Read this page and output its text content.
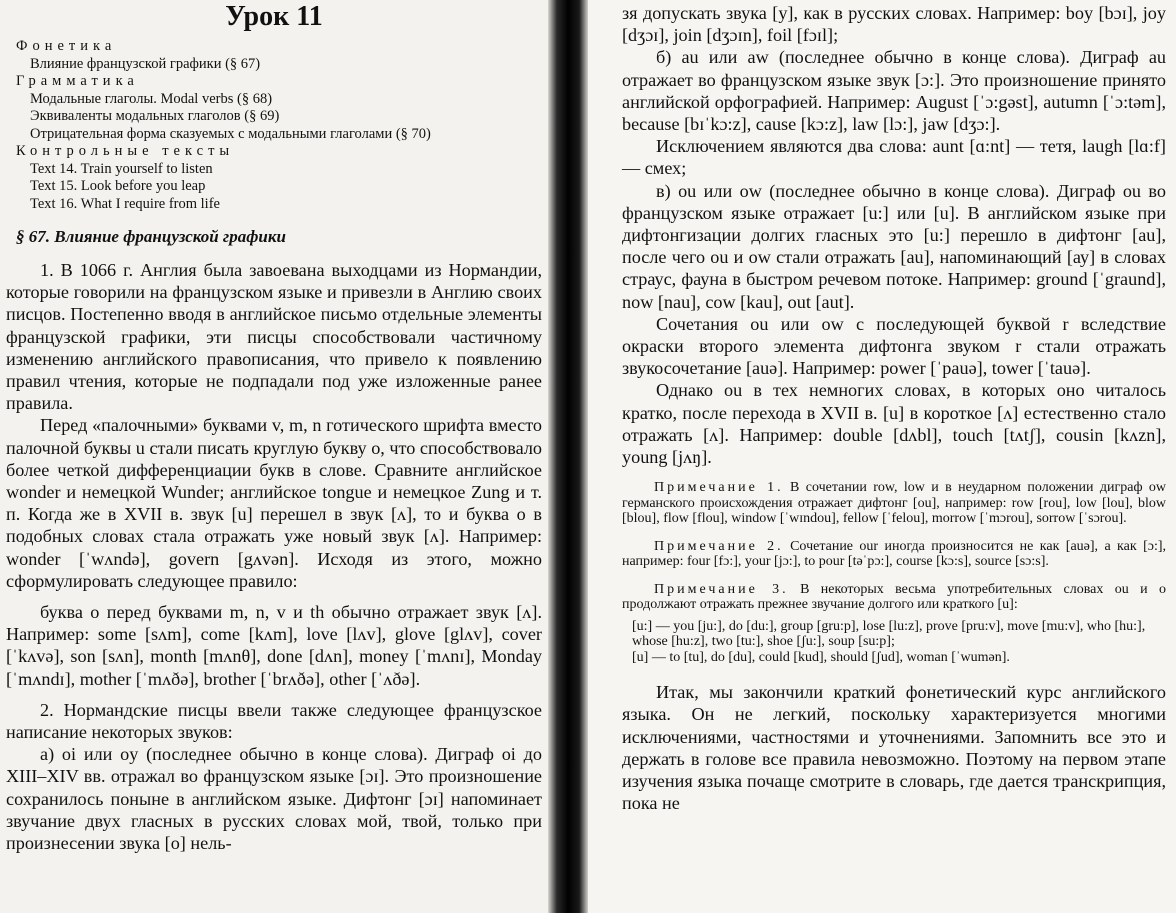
Урок 11
Фонетика
Влияние французской графики (§ 67)
Грамматика
Модальные глаголы. Modal verbs (§ 68)
Эквиваленты модальных глаголов (§ 69)
Отрицательная форма сказуемых с модальными глаголами (§ 70)
Контрольные тексты
Text 14. Train yourself to listen
Text 15. Look before you leap
Text 16. What I require from life
§ 67. Влияние французской графики

1. В 1066 г. Англия была завоевана выходцами из Нормандии, которые говорили на французском языке и привезли в Англию своих писцов. Постепенно вводя в английское письмо отдельные элементы французской графики, эти писцы способствовали частичному изменению английского правописания, что привело к появлению правил чтения, которые не подпадали под уже изложенные ранее правила.

Перед «палочными» буквами v, m, n готического шрифта вместо палочной буквы u стали писать круглую букву o, что способствовало более четкой дифференциации букв в слове. Сравните английское wonder и немецкой Wunder; английское tongue и немецкое Zung и т. п. Когда же в XVII в. звук [u] перешел в звук [ʌ], то и буква o в подобных словах стала отражать уже новый звук [ʌ]. Например: wonder [ˈwʌndə], govern [gʌvən]. Исходя из этого, можно сформулировать следующее правило:

буква o перед буквами m, n, v и th обычно отражает звук [ʌ]. Например: some [sʌm], come [kʌm], love [lʌv], glove [glʌv], cover [ˈkʌvə], son [sʌn], month [mʌnθ], done [dʌn], money [ˈmʌnɪ], Monday [ˈmʌndɪ], mother [ˈmʌðə], brother [ˈbrʌðə], other [ˈʌðə].

2. Нормандские писцы ввели также следующее французское написание некоторых звуков:

а) oi или oy (последнее обычно в конце слова). Диграф oi до XIII–XIV вв. отражал во французском языке [ɔɪ]. Это произношение сохранилось поныне в английском языке. Дифтонг [ɔɪ] напоминает звучание двух гласных в русских словах мой, твой, только при произнесении звука [о] нель-

зя допускать звука [у], как в русских словах. Например: boy [bɔɪ], joy [dʒɔɪ], join [dʒɔɪn], foil [fɔɪl];

б) au или aw (последнее обычно в конце слова). Диграф au отражает во французском языке звук [ɔ:]. Это произношение принято английской орфографией. Например: August [ˈɔ:gəst], autumn [ˈɔ:təm], because [bɪˈkɔ:z], cause [kɔ:z], law [lɔ:], jaw [dʒɔ:].

Исключением являются два слова: aunt [ɑ:nt] — тетя, laugh [lɑ:f] — смех;

в) ou или ow (последнее обычно в конце слова). Диграф ou во французском языке отражает [u:] или [u]. В английском языке при дифтонгизации долгих гласных это [u:] перешло в дифтонг [au], после чего ou и ow стали отражать [au], напоминающий [ау] в словах страус, фауна в быстром речевом потоке. Например: ground [ˈgraund], now [nau], cow [kau], out [aut].

Сочетания ou или ow с последующей буквой r вследствие окраски второго элемента дифтонга звуком r стали отражать звукосочетание [auə]. Например: power [ˈpauə], tower [ˈtauə].

Однако ou в тех немногих словах, в которых оно читалось кратко, после перехода в XVII в. [u] в короткое [ʌ] естественно стало отражать [ʌ]. Например: double [dʌbl], touch [tʌtʃ], cousin [kʌzn], young [jʌŋ].

Примечание 1. В сочетании row, low и в неударном положении диграф ow германского происхождения отражает дифтонг [ou], например: row [rou], low [lou], blow [blou], flow [flou], window [ˈwɪndou], fellow [ˈfelou], morrow [ˈmɔrou], sorrow [ˈsɔrou].

Примечание 2. Сочетание our иногда произносится не как [auə], а как [ɔ:], например: four [fɔ:], your [jɔ:], to pour [təˈpɔ:], course [kɔ:s], source [sɔ:s].

Примечание 3. В некоторых весьма употребительных словах ou и o продолжают отражать прежнее звучание долгого или краткого [u]:

[u:] — you [ju:], do [du:], group [gru:p], lose [lu:z], prove [pru:v], move [mu:v], who [hu:], whose [hu:z], two [tu:], shoe [ʃu:], soup [su:p];
[u] — to [tu], do [du], could [kud], should [ʃud], woman [ˈwumən].

Итак, мы закончили краткий фонетический курс английского языка. Он не легкий, поскольку характеризуется многими исключениями, частностями и уточнениями. Запомнить все это и держать в голове все правила невозможно. Поэтому на первом этапе изучения языка почаще смотрите в словарь, где дается транскрипция, пока не
